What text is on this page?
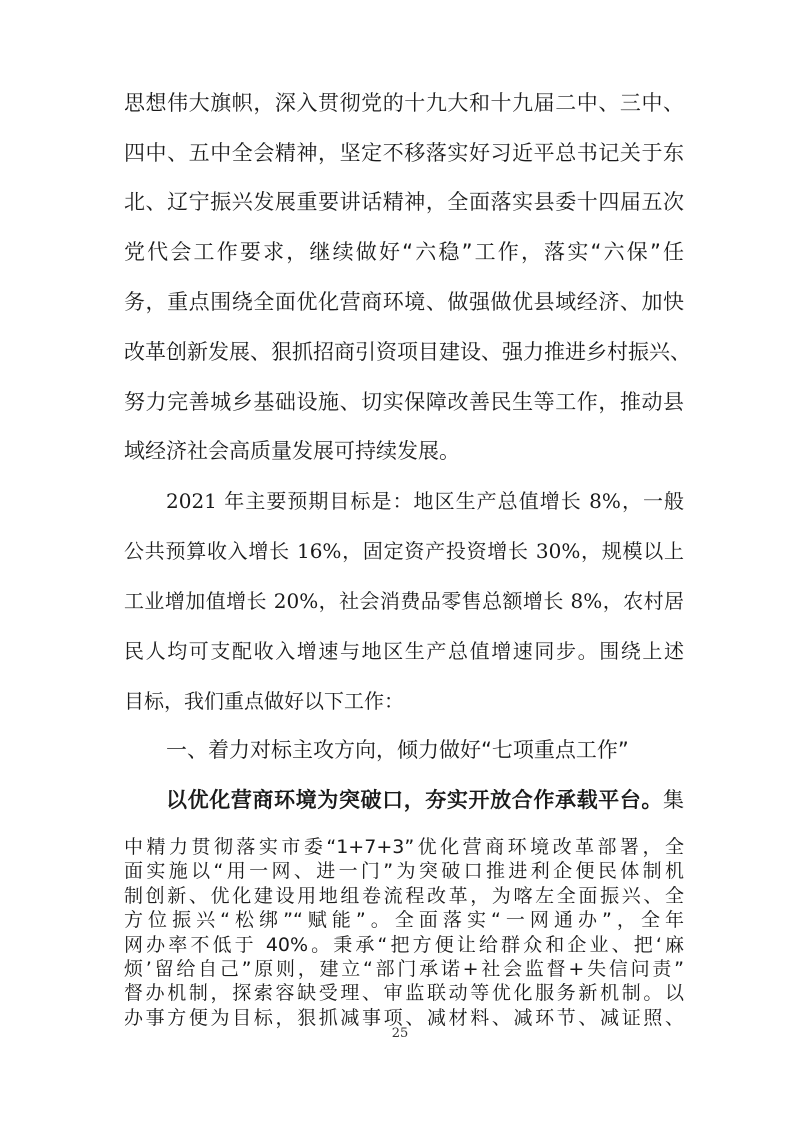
思想伟大旗帜，深入贯彻党的十九大和十九届二中、三中、

四中、五中全会精神，坚定不移落实好习近平总书记关于东

北、辽宁振兴发展重要讲话精神，全面落实县委十四届五次

党代会工作要求，继续做好“六稳”工作，落实“六保”任

务，重点围绕全面优化营商环境、做强做优县域经济、加快

改革创新发展、狠抓招商引资项目建设、强力推进乡村振兴、

努力完善城乡基础设施、切实保障改善民生等工作，推动县

域经济社会高质量发展可持续发展。

2021 年主要预期目标是：地区生产总值增长 8%，一般

公共预算收入增长 16%，固定资产投资增长 30%，规模以上

工业增加值增长 20%，社会消费品零售总额增长 8%，农村居

民人均可支配收入增速与地区生产总值增速同步。围绕上述

目标，我们重点做好以下工作：

一、着力对标主攻方向，倾力做好“七项重点工作”

以优化营商环境为突破口，夯实开放合作承载平台。集

25

中精力贯彻落实市委“1+7+3”优化营商环境改革部署，全

面实施以“用一网、进一门”为突破口推进利企便民体制机

制创新、优化建设用地组卷流程改革，为喀左全面振兴、全

方位振兴“松绑”“赋能”。全面落实“一网通办”，全年

网办率不低于 40%。秉承“把方便让给群众和企业、把‘麻

烦’留给自己”原则，建立“部门承诺+社会监督+失信问责”

督办机制，探索容缺受理、审监联动等优化服务新机制。以

办事方便为目标，狠抓减事项、减材料、减环节、减证照、
